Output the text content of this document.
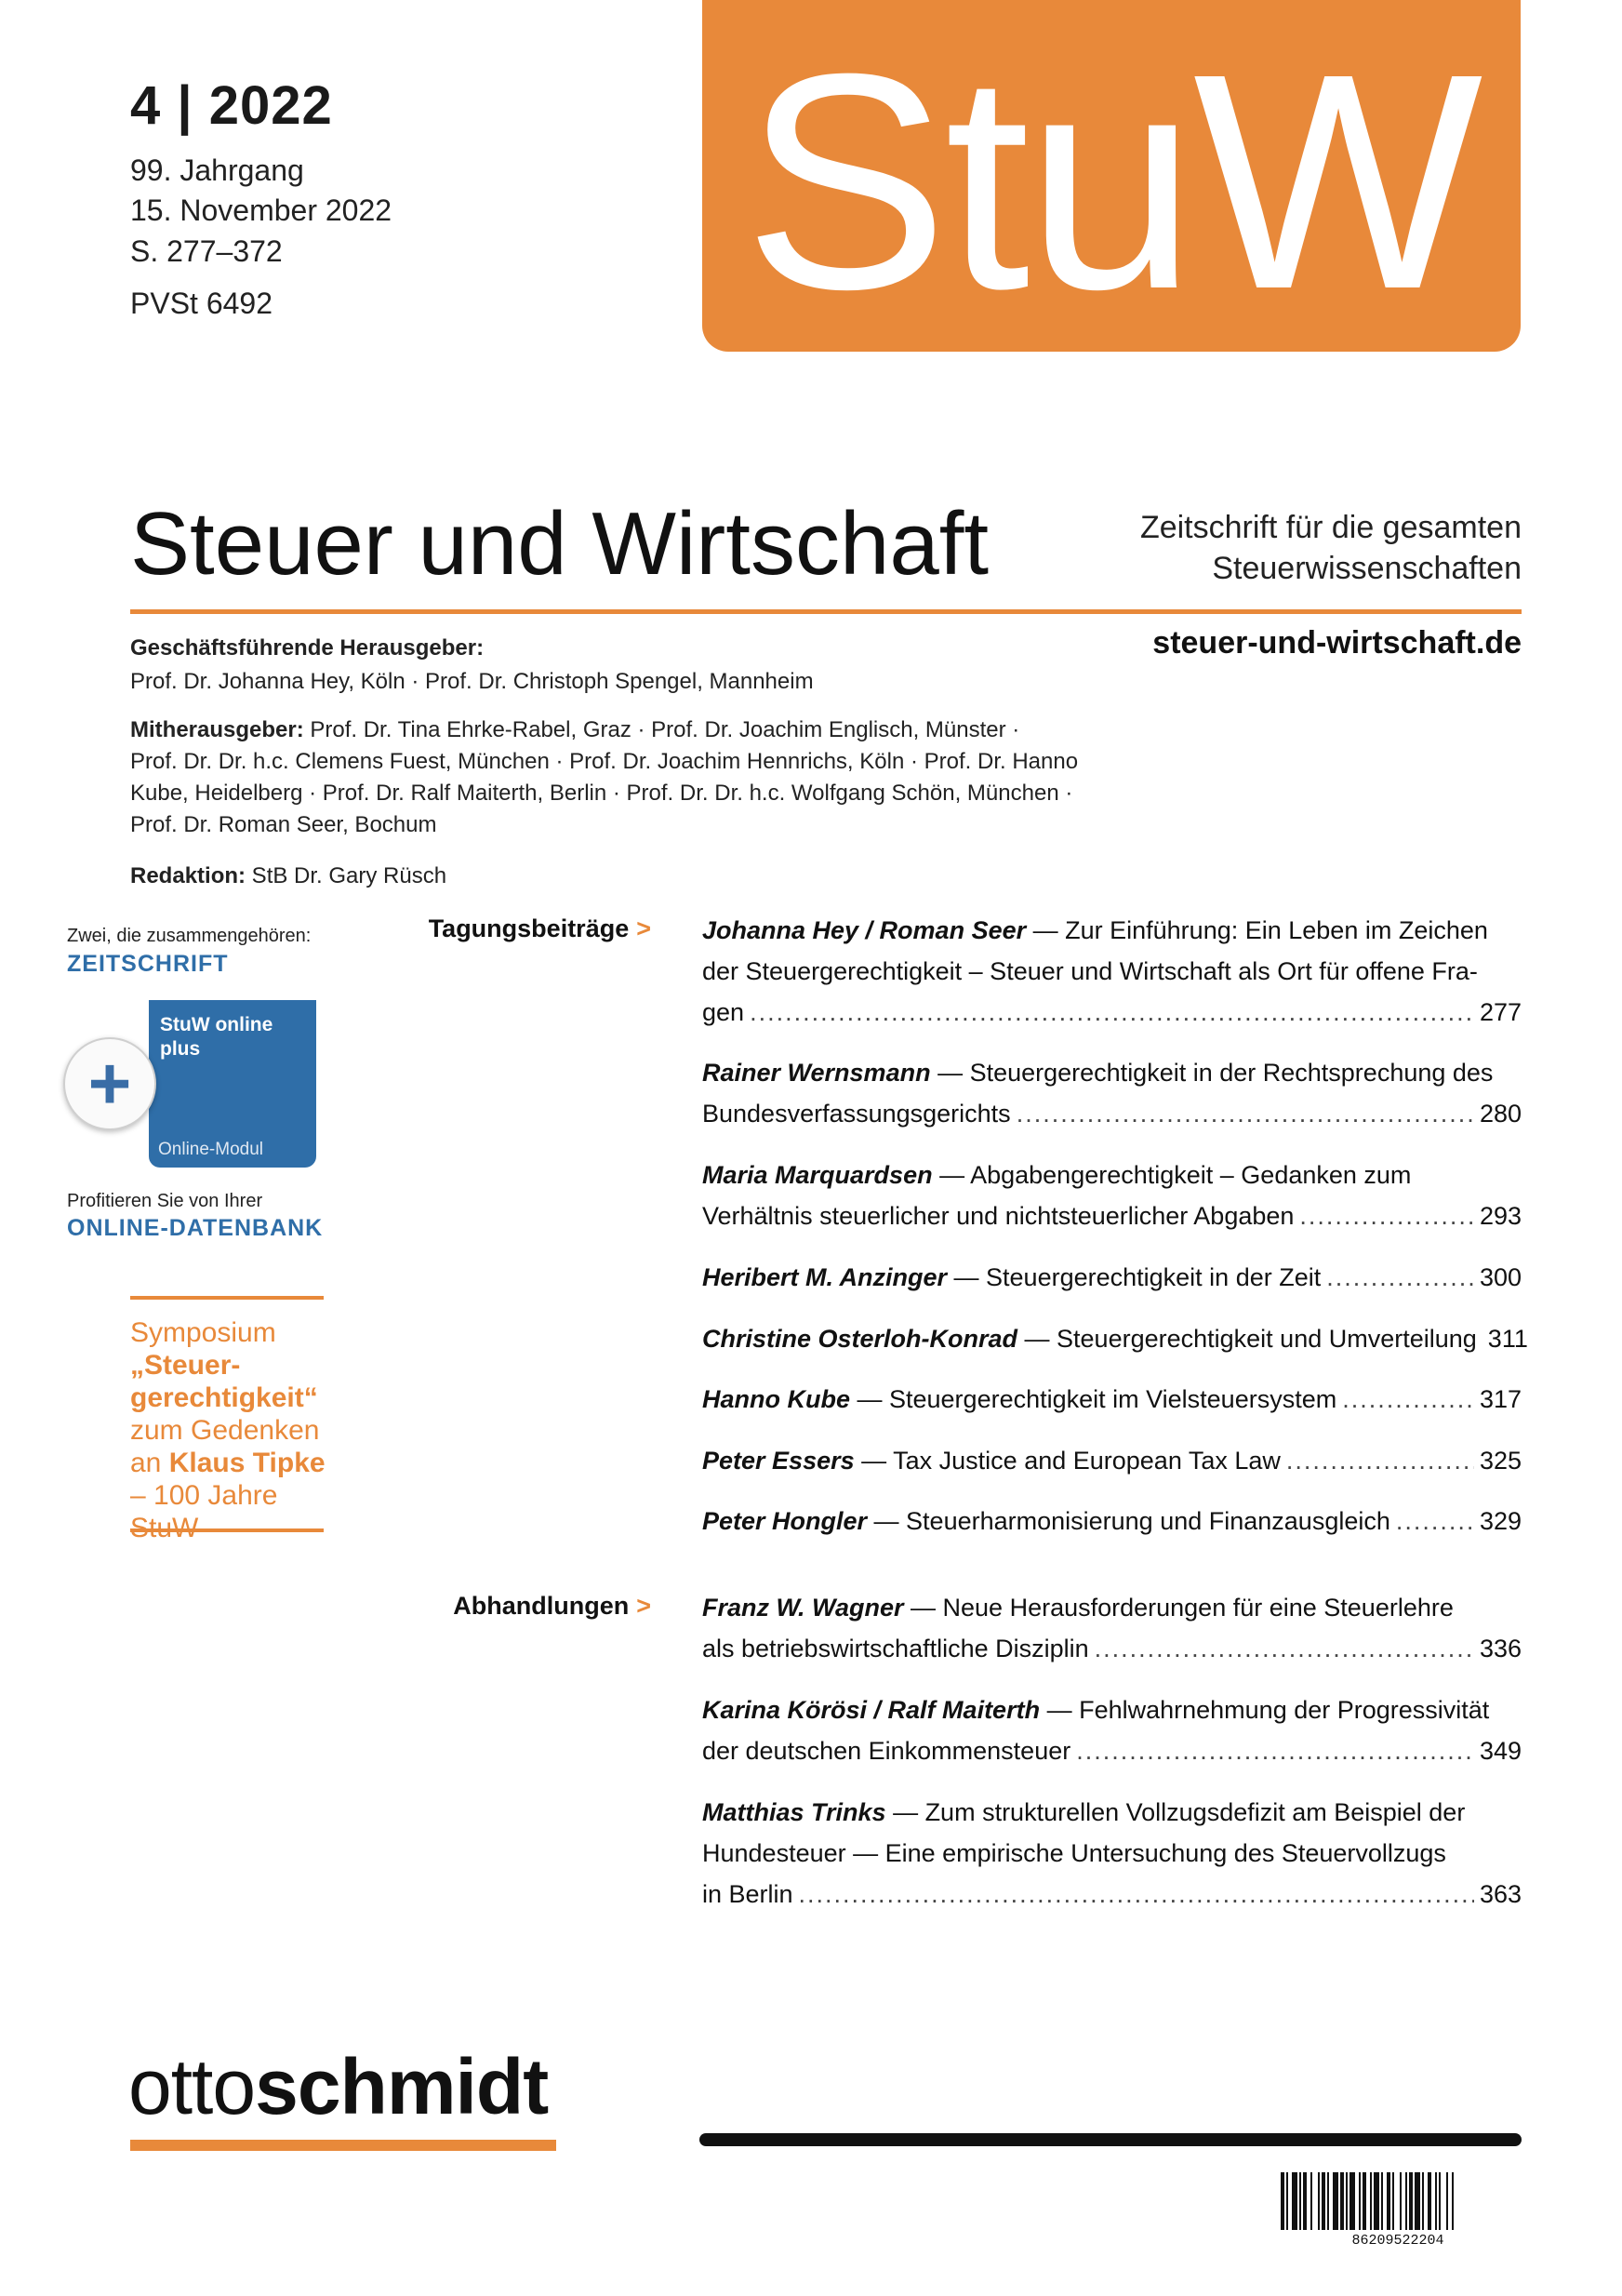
4 | 2022
99. Jahrgang
15. November 2022
S. 277–372
PVSt 6492 StuW
Steuer und Wirtschaft	Zeitschrift für die gesamten
Steuerwissenschaften
steuer-und-wirtschaft.de
Geschäftsführende Herausgeber:
Prof. Dr. Johanna Hey, Köln · Prof. Dr. Christoph Spengel, Mannheim
Mitherausgeber: Prof. Dr. Tina Ehrke-Rabel, Graz · Prof. Dr. Joachim Englisch, Münster ·
Prof. Dr. Dr. h.c. Clemens Fuest, München · Prof. Dr. Joachim Hennrichs, Köln · Prof. Dr. Hanno
Kube, Heidelberg · Prof. Dr. Ralf Maiterth, Berlin · Prof. Dr. Dr. h.c. Wolfgang Schön, München ·
Prof. Dr. Roman Seer, Bochum
Redaktion: StB Dr. Gary Rüsch
Zwei, die zusammengehören:
ZEITSCHRIFT
StuW online
plus
Online-Modul
+
Profitieren Sie von Ihrer
ONLINE-DATENBANK
Symposium
„Steuer-
gerechtigkeit“
zum Gedenken
an Klaus Tipke
– 100 Jahre
Tagungsbeiträge >
Abhandlungen >
Johanna Hey / Roman Seer — Zur Einführung: Ein Leben im Zeichen
der Steuergerechtigkeit – Steuer und Wirtschaft als Ort für offene Fra-
gen .....	277
Rainer Wernsmann — Steuergerechtigkeit in der Rechtsprechung des
Bundesverfassungsgerichts .....	280
Maria Marquardsen — Abgabengerechtigkeit – Gedanken zum
Verhältnis steuerlicher und nichtsteuerlicher Abgaben .....	293
Heribert M. Anzinger — Steuergerechtigkeit in der Zeit .....	300
Christine Osterloh-Konrad — Steuergerechtigkeit und Umverteilung 311
Hanno Kube — Steuergerechtigkeit im Vielsteuersystem .....	317
Peter Essers — Tax Justice and European Tax Law .....	325
Peter Hongler — Steuerharmonisierung und Finanzausgleich .....	329
Franz W. Wagner — Neue Herausforderungen für eine Steuerlehre
als betriebswirtschaftliche Disziplin .....	336
Karina Körösi / Ralf Maiterth — Fehlwahrnehmung der Progressivität
der deutschen Einkommensteuer .....	349
Matthias Trinks — Zum strukturellen Vollzugsdefizit am Beispiel der
Hundesteuer — Eine empirische Untersuchung des Steuervollzugs
in Berlin .....	363
ottoschmidt
86209522204
